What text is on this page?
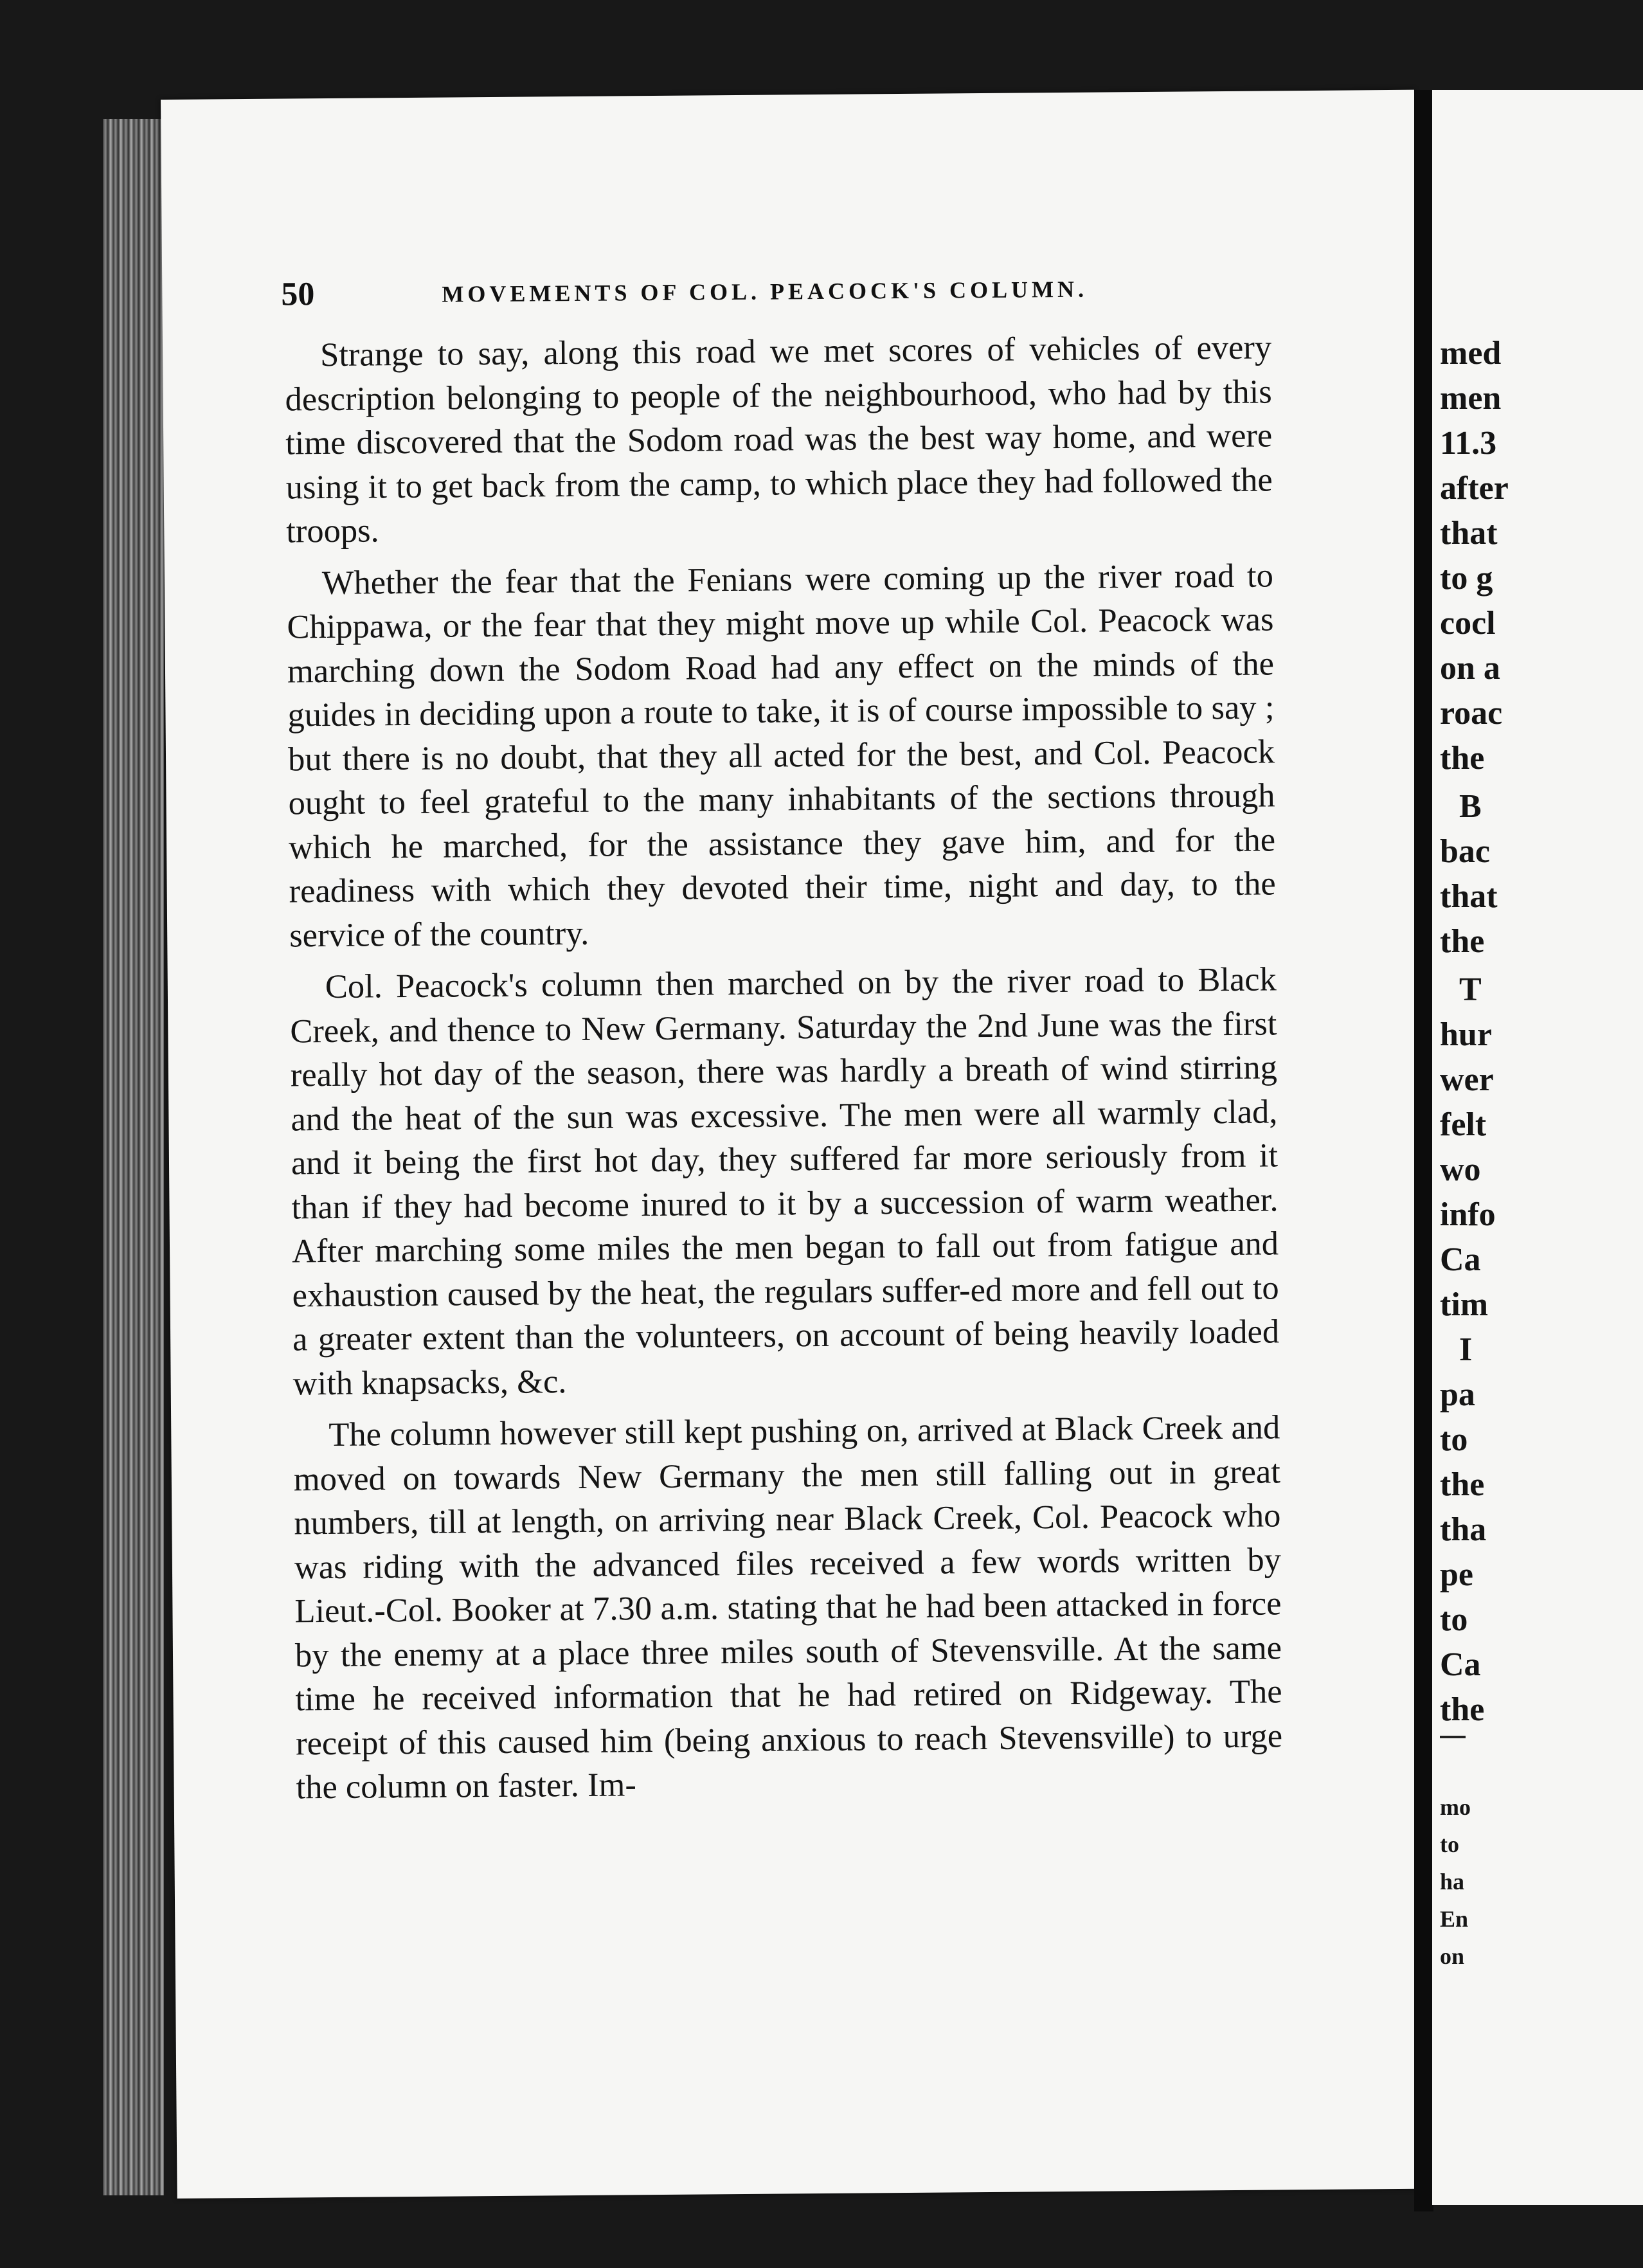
50	MOVEMENTS OF COL. PEACOCK'S COLUMN.

Strange to say, along this road we met scores of vehicles of every description belonging to people of the neighbourhood, who had by this time discovered that the Sodom road was the best way home, and were using it to get back from the camp, to which place they had followed the troops.

Whether the fear that the Fenians were coming up the river road to Chippawa, or the fear that they might move up while Col. Peacock was marching down the Sodom Road had any effect on the minds of the guides in deciding upon a route to take, it is of course impossible to say ; but there is no doubt, that they all acted for the best, and Col. Peacock ought to feel grateful to the many inhabitants of the sections through which he marched, for the assistance they gave him, and for the readiness with which they devoted their time, night and day, to the service of the country.

Col. Peacock's column then marched on by the river road to Black Creek, and thence to New Germany. Saturday the 2nd June was the first really hot day of the season, there was hardly a breath of wind stirring and the heat of the sun was excessive. The men were all warmly clad, and it being the first hot day, they suffered far more seriously from it than if they had become inured to it by a succession of warm weather. After marching some miles the men began to fall out from fatigue and exhaustion caused by the heat, the regulars suffer-ed more and fell out to a greater extent than the volunteers, on account of being heavily loaded with knapsacks, &c.

The column however still kept pushing on, arrived at Black Creek and moved on towards New Germany the men still falling out in great numbers, till at length, on arriving near Black Creek, Col. Peacock who was riding with the advanced files received a few words written by Lieut.-Col. Booker at 7.30 a.m. stating that he had been attacked in force by the enemy at a place three miles south of Stevensville. At the same time he received information that he had retired on Ridgeway. The receipt of this caused him (being anxious to reach Stevensville) to urge the column on faster. Im-

med
men
11.3
after
that
to g
cocl
on a
roac
the
B
bac
that
the
T
hur
wer
felt
wo
info
Ca
tim
I
pa
to
the
tha
pe
to
Ca
the
mo
to
ha
En
on
